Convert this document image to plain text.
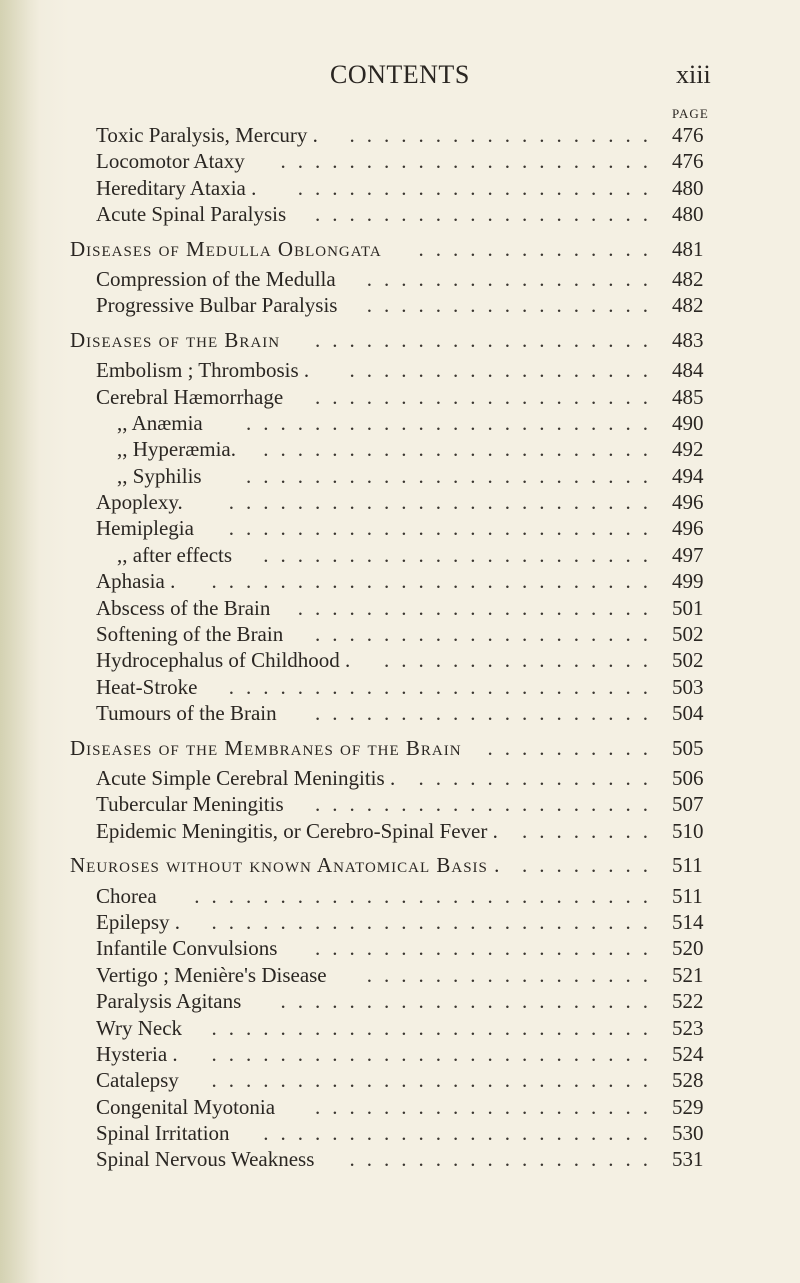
CONTENTS	xiii
PAGE
Toxic Paralysis, Mercury .	476
..................
Locomotor Ataxy	476
......................
Hereditary Ataxia .	480
.....................
Acute Spinal Paralysis	480
....................
Diseases of Medulla Oblongata	481
..............
Compression of the Medulla	482
.................
Progressive Bulbar Paralysis	482
.................
Diseases of the Brain	483
....................
Embolism ; Thrombosis .	484
..................
Cerebral Hæmorrhage	485
....................
,, Anæmia	490
........................
,, Hyperæmia.	492
.......................
,, Syphilis	494
........................
Apoplexy.	496
.........................
Hemiplegia	496
.........................
,, after effects	497
.......................
Aphasia .	499
..........................
Abscess of the Brain	501
.....................
Softening of the Brain	502
....................
Hydrocephalus of Childhood .	502
................
Heat-Stroke	503
.........................
Tumours of the Brain	504
....................
Diseases of the Membranes of the Brain	505
..........
Acute Simple Cerebral Meningitis .	506
..............
Tubercular Meningitis	507
....................
Epidemic Meningitis, or Cerebro-Spinal Fever .	510
........
Neuroses without known Anatomical Basis .	511
........
Chorea	511
...........................
Epilepsy .	514
..........................
Infantile Convulsions	520
....................
Vertigo ; Menière's Disease	521
.................
Paralysis Agitans	522
......................
Wry Neck	523
..........................
Hysteria .	524
..........................
Catalepsy	528
..........................
Congenital Myotonia	529
....................
Spinal Irritation	530
.......................
Spinal Nervous Weakness	531
..................
